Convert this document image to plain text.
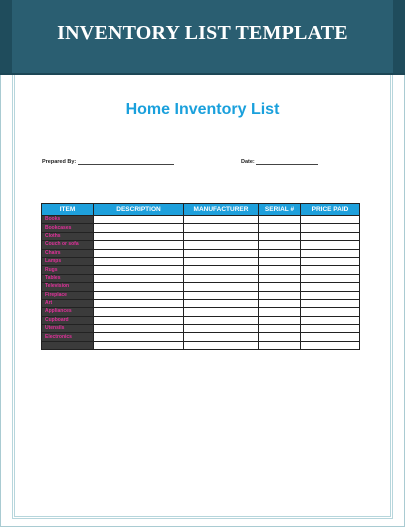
INVENTORY LIST TEMPLATE
Home Inventory List
Prepared By:	Date:
ITEM	DESCRIPTION	MANUFACTURER	SERIAL #	PRICE PAID
Books				
Bookcases				
Cloths				
Couch or sofa				
Chairs				
Lamps				
Rugs				
Tables				
Television				
Fireplace				
Art				
Appliances				
Cupboard				
Utensils				
Electronics				
